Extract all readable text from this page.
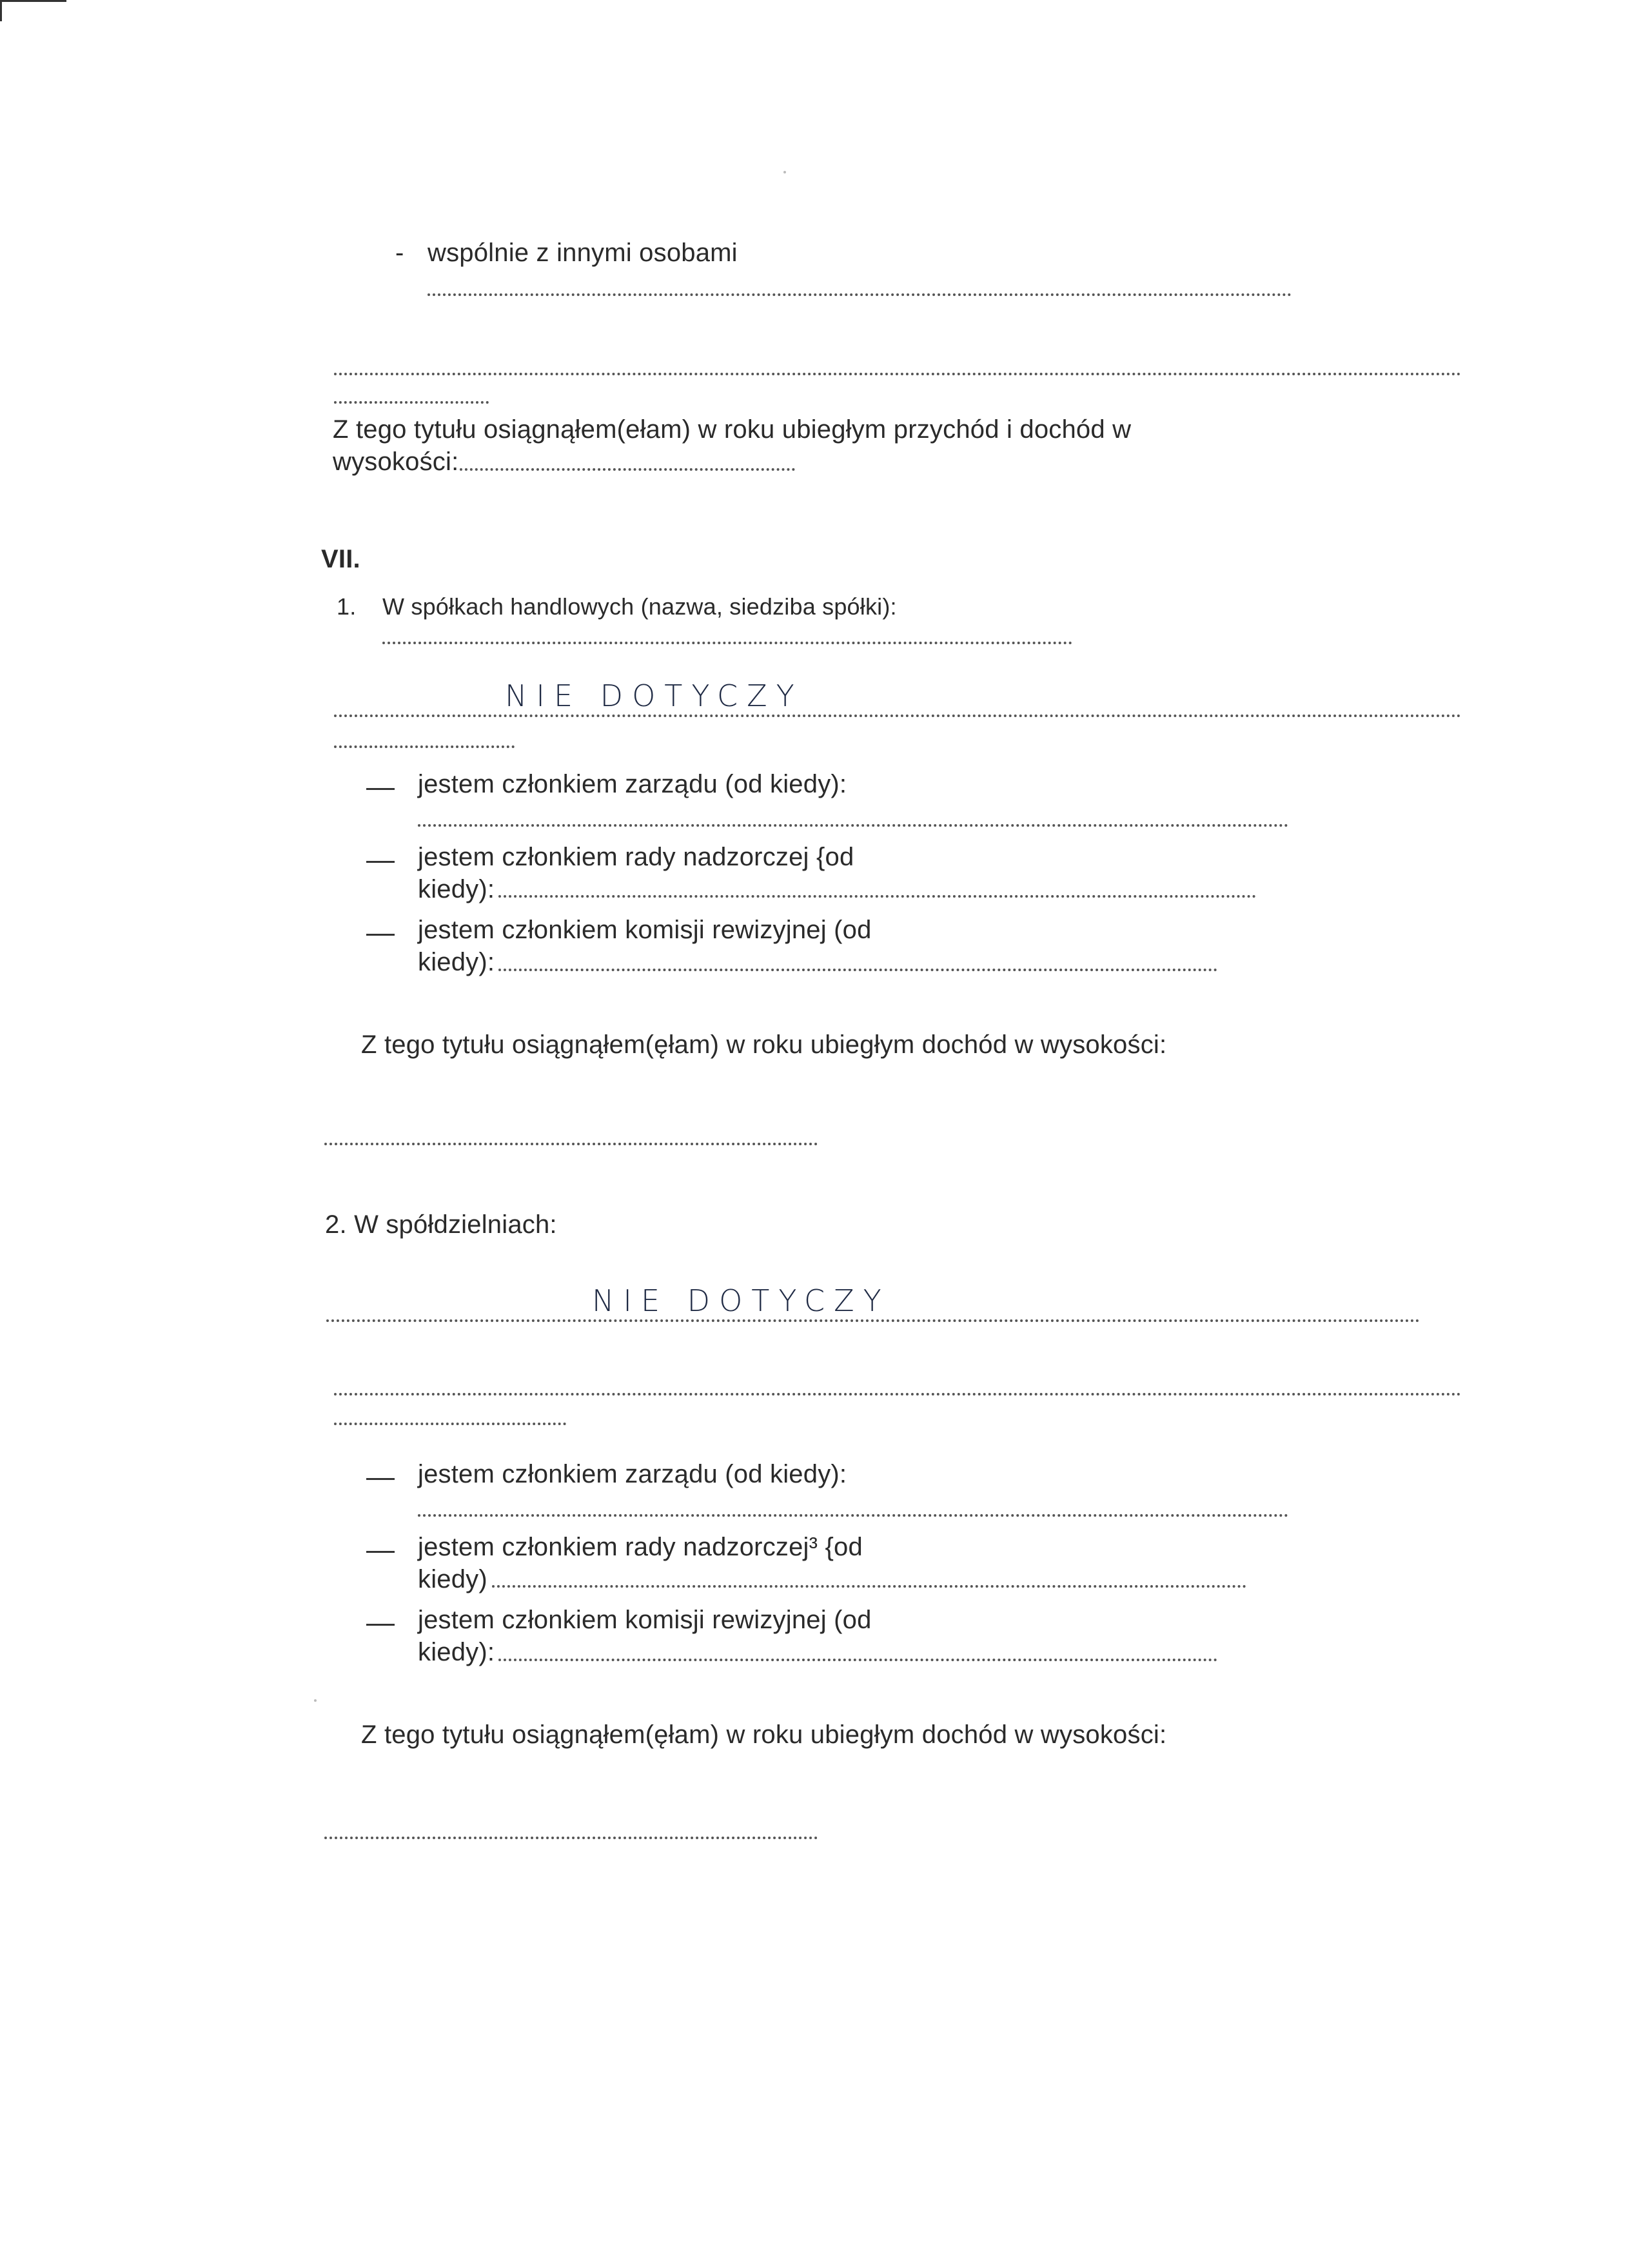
- wspólnie z innymi osobami
Z tego tytułu osiągnąłem(ełam) w roku ubiegłym przychód i dochód w
wysokości:
VII.
1. W spółkach handlowych (nazwa, siedziba spółki):
NIE DOTYCZY
jestem członkiem zarządu (od kiedy):
jestem członkiem rady nadzorczej {od
kiedy):
jestem członkiem komisji rewizyjnej (od
kiedy):
Z tego tytułu osiągnąłem(ęłam) w roku ubiegłym dochód w wysokości:
2. W spółdzielniach:
NIE DOTYCZY
jestem członkiem zarządu (od kiedy):
jestem członkiem rady nadzorczej³ {od
kiedy)
jestem członkiem komisji rewizyjnej (od
kiedy):
Z tego tytułu osiągnąłem(ęłam) w roku ubiegłym dochód w wysokości:
